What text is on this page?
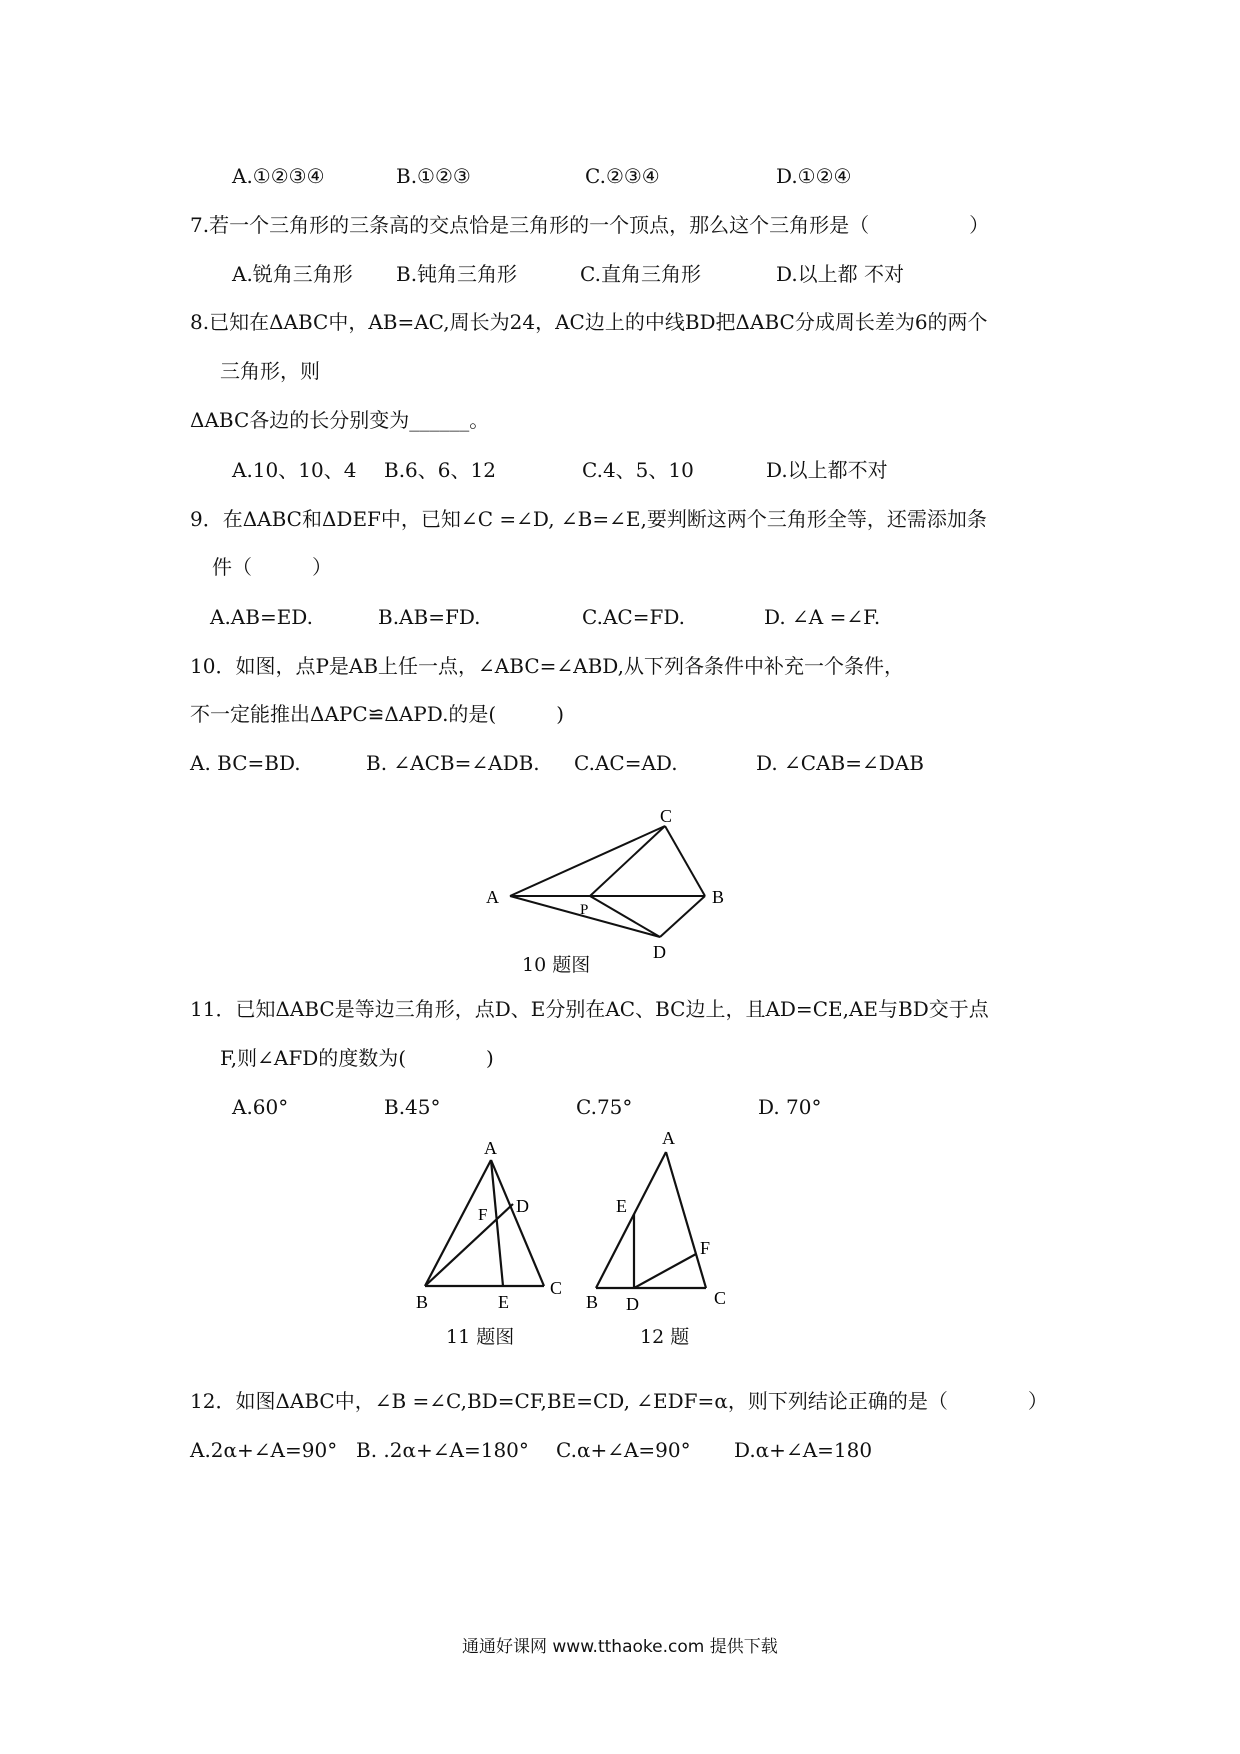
A.①②③④	B.①②③	C.②③④	D.①②④
7.若一个三角形的三条高的交点恰是三角形的一个顶点，那么这个三角形是（　　　　　）
A.锐角三角形 B.钝角三角形	C.直角三角形	D.以上都 不对
8.已知在ΔABC中，AB=AC,周长为24，AC边上的中线BD把ΔABC分成周长差为6的两个
三角形，则
ΔABC各边的长分别变为______。
A.10、10、4 B.6、6、12	C.4、5、10	D.以上都不对
9．在ΔABC和ΔDEF中，已知∠C =∠D, ∠B=∠E,要判断这两个三角形全等，还需添加条
件（　　　）
A.AB=ED.	B.AB=FD.	C.AC=FD.	D. ∠A =∠F.
10．如图，点P是AB上任一点，∠ABC=∠ABD,从下列各条件中补充一个条件，
不一定能推出ΔAPC≌ΔAPD.的是(　　　)
A. BC=BD.	B. ∠ACB=∠ADB. C.AC=AD.	D. ∠CAB=∠DAB
A
C
B
P
D
10 题图
11．已知ΔABC是等边三角形，点D、E分别在AC、BC边上，且AD=CE,AE与BD交于点
F,则∠AFD的度数为(　　　　)
A.60°	B.45°	C.75°	D. 70°
A
D
F
B	E
C
11 题图
A
E
F
B D	C
12 题
12．如图ΔABC中，∠B =∠C,BD=CF,BE=CD, ∠EDF=α，则下列结论正确的是（　　　　）
A.2α+∠A=90° B. .2α+∠A=180° C.α+∠A=90° D.α+∠A=180
通通好课网 www.tthaoke.com 提供下载
